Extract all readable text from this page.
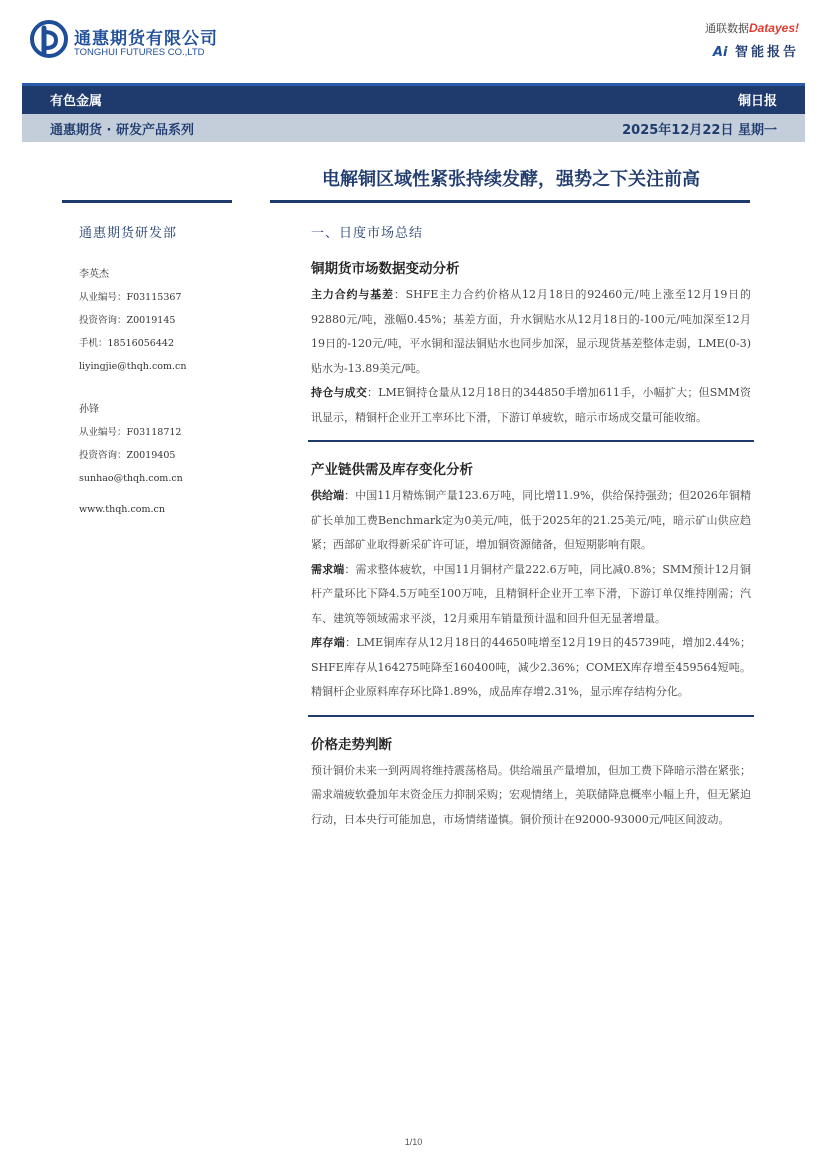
通惠期货有限公司
TONGHUI FUTURES CO.,LTD
通联数据Datayes!
Ai 智能报告
有色金属	铜日报
通惠期货 · 研发产品系列	2025年12月22日 星期一
电解铜区域性紧张持续发酵，强势之下关注前高
通惠期货研发部
李英杰
从业编号：F03115367
投资咨询：Z0019145
手机：18516056442
liyingjie@thqh.com.cn
孙锋
从业编号：F03118712
投资咨询：Z0019405
sunhao@thqh.com.cn
www.thqh.com.cn
一、日度市场总结
铜期货市场数据变动分析

主力合约与基差：SHFE主力合约价格从12月18日的92460元/吨上涨至12月19日的92880元/吨，涨幅0.45%；基差方面，升水铜贴水从12月18日的-100元/吨加深至12月19日的-120元/吨，平水铜和湿法铜贴水也同步加深，显示现货基差整体走弱，LME(0-3)贴水为-13.89美元/吨。

持仓与成交：LME铜持仓量从12月18日的344850手增加611手，小幅扩大；但SMM资讯显示，精铜杆企业开工率环比下滑，下游订单疲软，暗示市场成交量可能收缩。

产业链供需及库存变化分析

供给端：中国11月精炼铜产量123.6万吨，同比增11.9%，供给保持强劲；但2026年铜精矿长单加工费Benchmark定为0美元/吨，低于2025年的21.25美元/吨，暗示矿山供应趋紧；西部矿业取得新采矿许可证，增加铜资源储备，但短期影响有限。

需求端：需求整体疲软，中国11月铜材产量222.6万吨，同比减0.8%；SMM预计12月铜杆产量环比下降4.5万吨至100万吨，且精铜杆企业开工率下滑，下游订单仅维持刚需；汽车、建筑等领域需求平淡，12月乘用车销量预计温和回升但无显著增量。

库存端：LME铜库存从12月18日的44650吨增至12月19日的45739吨，增加2.44%；SHFE库存从164275吨降至160400吨，减少2.36%；COMEX库存增至459564短吨。精铜杆企业原料库存环比降1.89%，成品库存增2.31%，显示库存结构分化。

价格走势判断

预计铜价未来一到两周将维持震荡格局。供给端虽产量增加，但加工费下降暗示潜在紧张；需求端疲软叠加年末资金压力抑制采购；宏观情绪上，美联储降息概率小幅上升，但无紧迫行动，日本央行可能加息，市场情绪谨慎。铜价预计在92000-93000元/吨区间波动。

1/10
